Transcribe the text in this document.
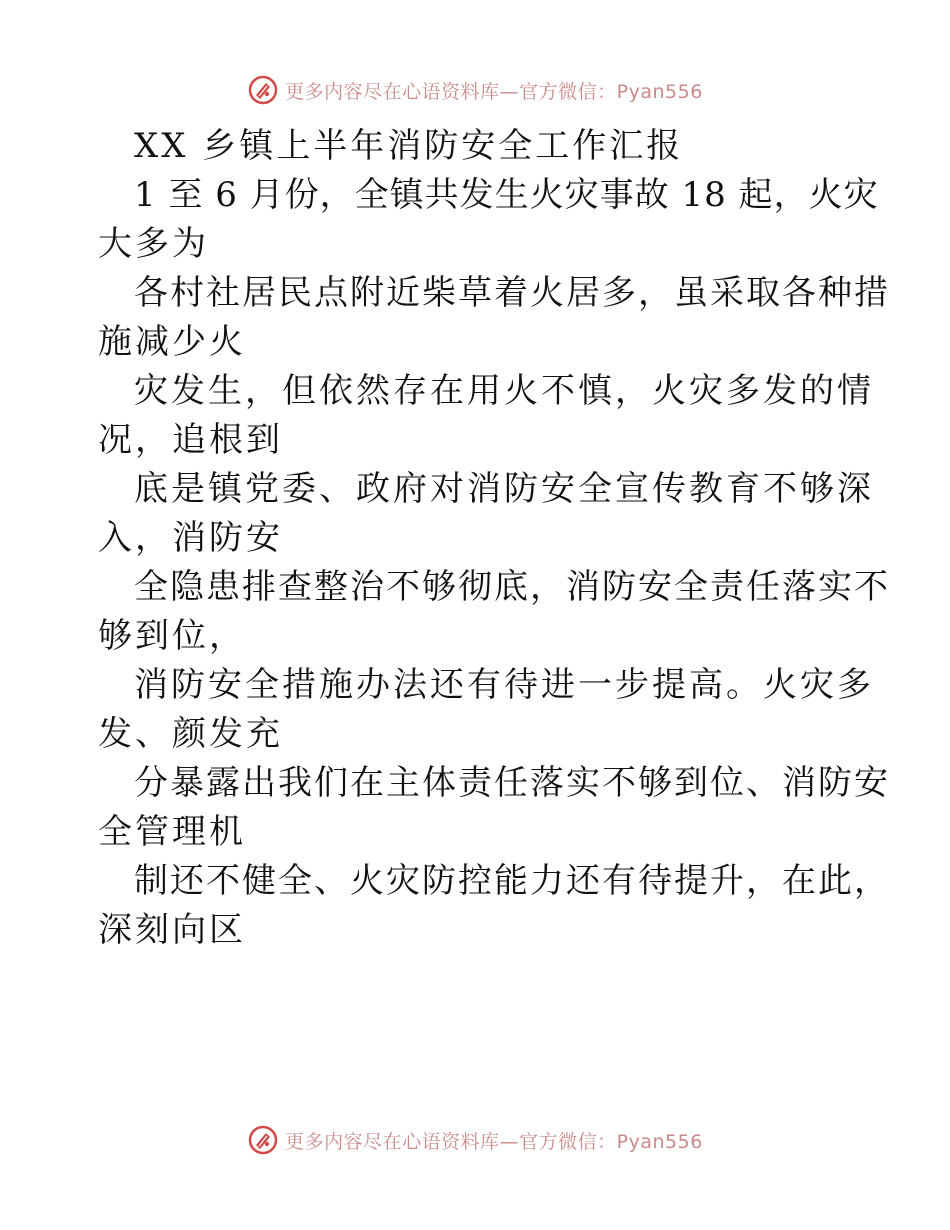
更多内容尽在心语资料库—官方微信：Pyan556
XX 乡镇上半年消防安全工作汇报
1 至 6 月份，全镇共发生火灾事故 18 起，火灾
大多为
各村社居民点附近柴草着火居多，虽采取各种措
施减少火
灾发生，但依然存在用火不慎，火灾多发的情
况，追根到
底是镇党委、政府对消防安全宣传教育不够深
入，消防安
全隐患排查整治不够彻底，消防安全责任落实不
够到位，
消防安全措施办法还有待进一步提高。火灾多
发、颜发充
分暴露出我们在主体责任落实不够到位、消防安
全管理机
制还不健全、火灾防控能力还有待提升，在此，
深刻向区
更多内容尽在心语资料库—官方微信：Pyan556
